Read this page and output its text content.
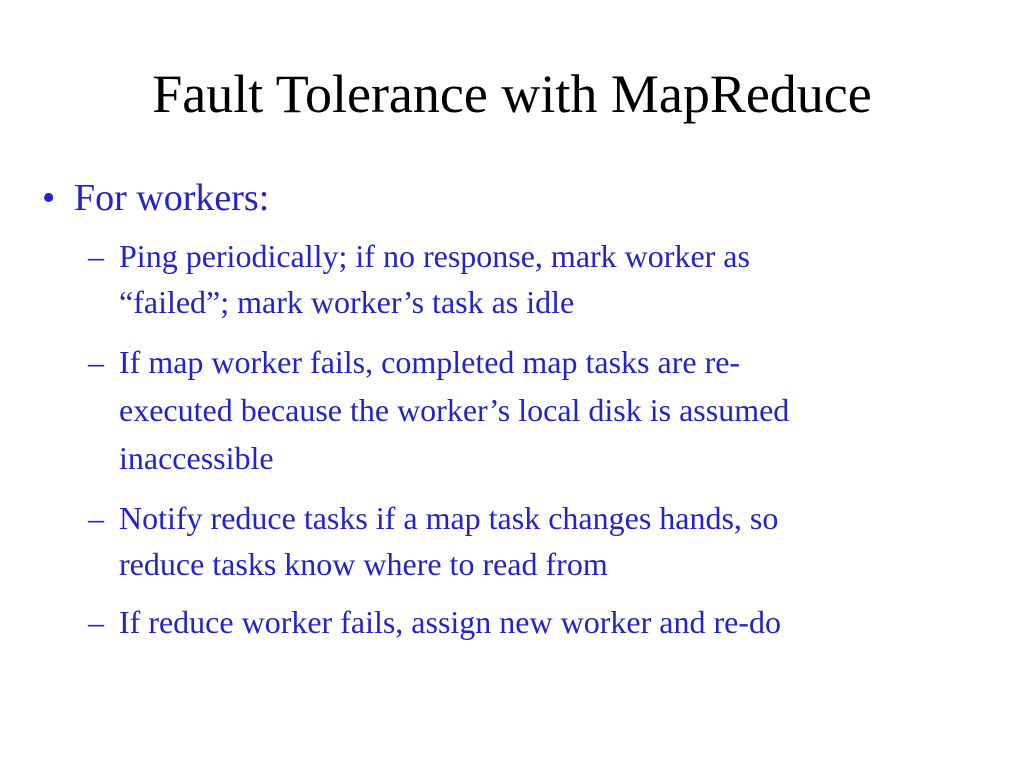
Fault Tolerance with MapReduce
• For workers:
– Ping periodically; if no response, mark worker as
“failed”; mark worker’s task as idle
– If map worker fails, completed map tasks are re-
executed because the worker’s local disk is assumed
inaccessible
– Notify reduce tasks if a map task changes hands, so
reduce tasks know where to read from
– If reduce worker fails, assign new worker and re-do
